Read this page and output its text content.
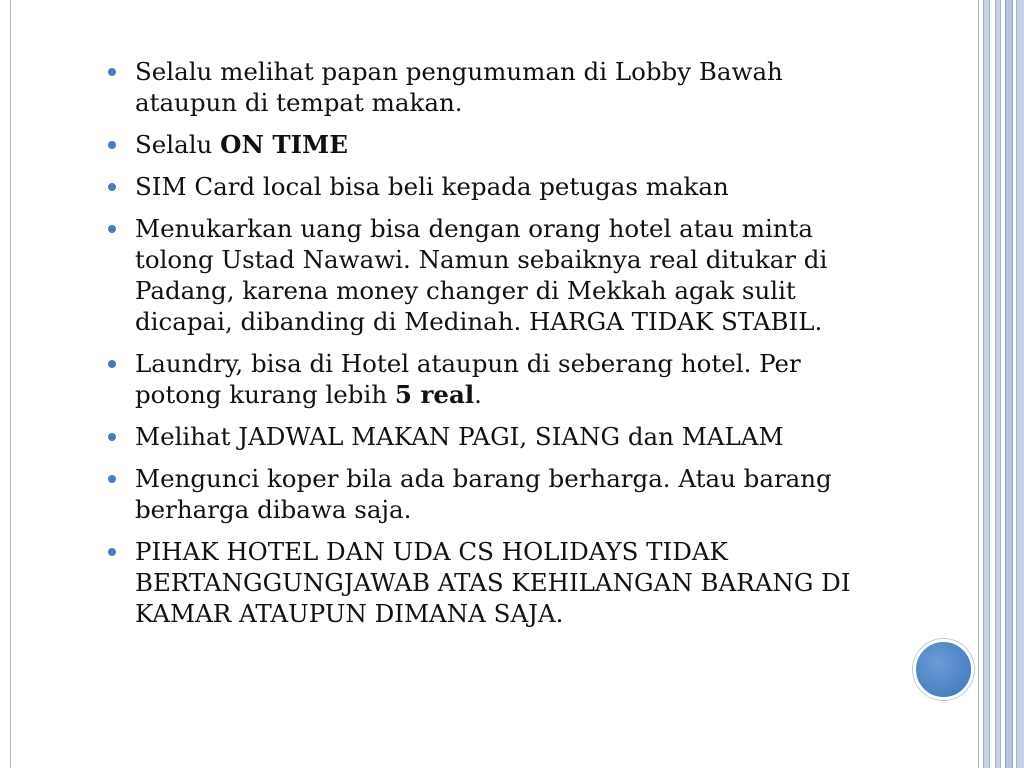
Selalu melihat papan pengumuman di Lobby Bawah ataupun di tempat makan.
Selalu ON TIME
SIM Card local bisa beli kepada petugas makan
Menukarkan uang bisa dengan orang hotel atau minta tolong Ustad Nawawi. Namun sebaiknya real ditukar di Padang, karena money changer di Mekkah agak sulit dicapai, dibanding di Medinah. HARGA TIDAK STABIL.
Laundry, bisa di Hotel ataupun di seberang hotel. Per potong kurang lebih 5 real.
Melihat JADWAL MAKAN PAGI, SIANG dan MALAM
Mengunci koper bila ada barang berharga. Atau barang berharga dibawa saja.
PIHAK HOTEL DAN UDA CS HOLIDAYS TIDAK BERTANGGUNGJAWAB ATAS KEHILANGAN BARANG DI KAMAR ATAUPUN DIMANA SAJA.
